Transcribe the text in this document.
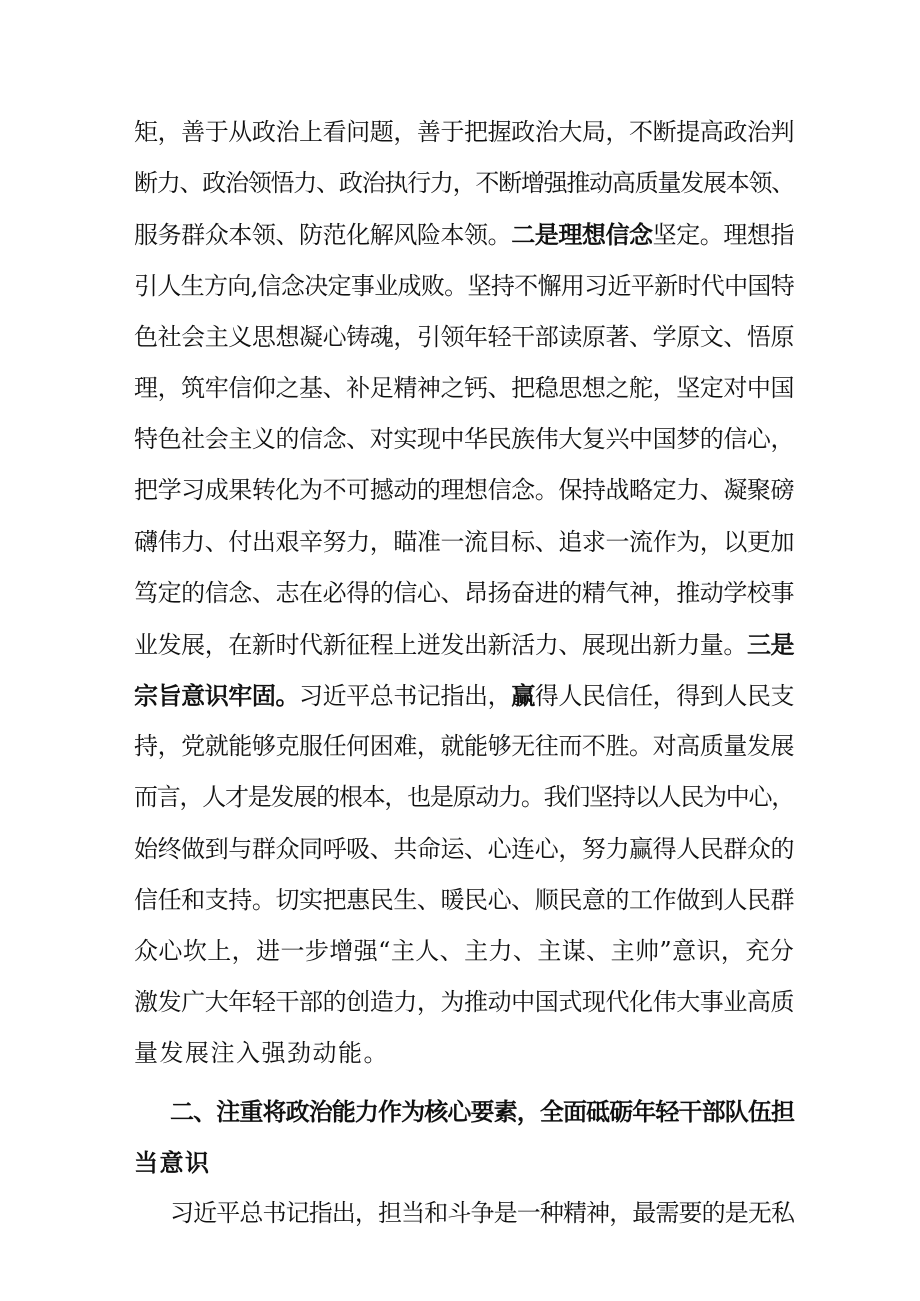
矩，善于从政治上看问题，善于把握政治大局，不断提高政治判
断力、政治领悟力、政治执行力，不断增强推动高质量发展本领、
服务群众本领、防范化解风险本领。二是理想信念坚定。理想指
引人生方向,信念决定事业成败。坚持不懈用习近平新时代中国特
色社会主义思想凝心铸魂，引领年轻干部读原著、学原文、悟原
理，筑牢信仰之基、补足精神之钙、把稳思想之舵，坚定对中国
特色社会主义的信念、对实现中华民族伟大复兴中国梦的信心，
把学习成果转化为不可撼动的理想信念。保持战略定力、凝聚磅
礴伟力、付出艰辛努力，瞄准一流目标、追求一流作为，以更加
笃定的信念、志在必得的信心、昂扬奋进的精气神，推动学校事
业发展，在新时代新征程上迸发出新活力、展现出新力量。三是
宗旨意识牢固。习近平总书记指出，赢得人民信任，得到人民支
持，党就能够克服任何困难，就能够无往而不胜。对高质量发展
而言，人才是发展的根本，也是原动力。我们坚持以人民为中心，
始终做到与群众同呼吸、共命运、心连心，努力赢得人民群众的
信任和支持。切实把惠民生、暖民心、顺民意的工作做到人民群
众心坎上，进一步增强“主人、主力、主谋、主帅”意识，充分
激发广大年轻干部的创造力，为推动中国式现代化伟大事业高质
量发展注入强劲动能。
二、注重将政治能力作为核心要素，全面砥砺年轻干部队伍担
当意识
习近平总书记指出，担当和斗争是一种精神，最需要的是无私
